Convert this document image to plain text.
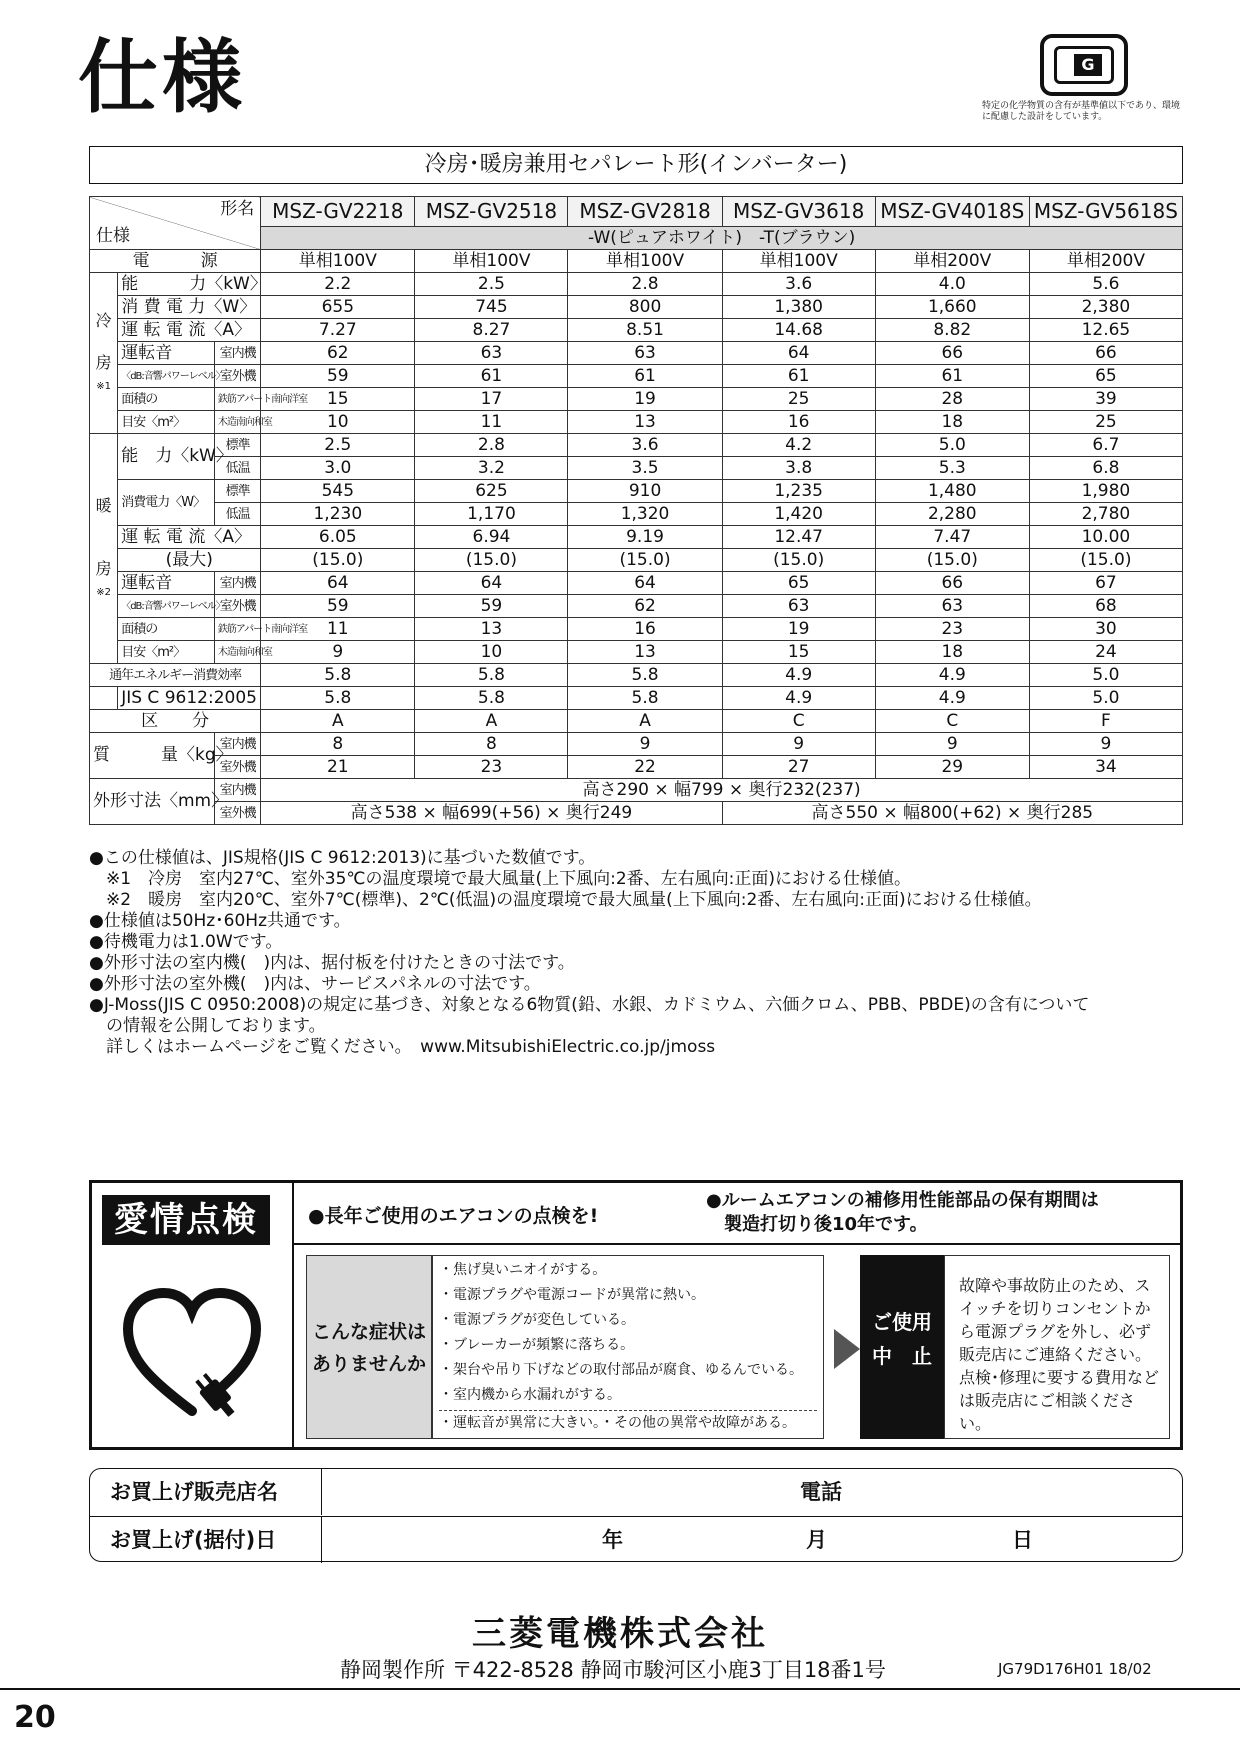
仕様	G
特定の化学物質の含有が基準値以下であり、環境に配慮した設計をしています。
冷房･暖房兼用セパレート形(インバーター)
形名
仕様			MSZ-GV2218	MSZ-GV2518	MSZ-GV2818	MSZ-GV3618	MSZ-GV4018S	MSZ-GV5618S
			-W(ピュアホワイト)　-T(ブラウン)					
電　　　源			単相100V	単相100V	単相100V	単相100V	単相200V	単相200V
冷

房
※1	能　　　力〈kW〉		2.2	2.5	2.8	3.6	4.0	5.6
	消 費 電 力〈W〉		655	745	800	1,380	1,660	2,380
	運 転 電 流〈A〉		7.27	8.27	8.51	14.68	8.82	12.65
	運転音	室内機	62	63	63	64	66	66
	〈dB:音響パワーレベル〉	室外機	59	61	61	61	61	65
	面積の	鉄筋アパート南向洋室	15	17	19	25	28	39
	目安〈m²〉	木造南向和室	10	11	13	16	18	25
暖

房
※2	能　力〈kW〉	標準	2.5	2.8	3.6	4.2	5.0	6.7
		低温	3.0	3.2	3.5	3.8	5.3	6.8
	消費電力〈W〉	標準	545	625	910	1,235	1,480	1,980
		低温	1,230	1,170	1,320	1,420	2,280	2,780
	運 転 電 流〈A〉		6.05	6.94	9.19	12.47	7.47	10.00
	(最大)		(15.0)	(15.0)	(15.0)	(15.0)	(15.0)	(15.0)
	運転音	室内機	64	64	64	65	66	67
	〈dB:音響パワーレベル〉	室外機	59	59	62	63	63	68
	面積の	鉄筋アパート南向洋室	11	13	16	19	23	30
	目安〈m²〉	木造南向和室	9	10	13	15	18	24
通年エネルギー消費効率			5.8	5.8	5.8	4.9	4.9	5.0
	JIS C 9612:2005		5.8	5.8	5.8	4.9	4.9	5.0
区　　分			A	A	A	C	C	F
質　　　量〈kg〉		室内機	8	8	9	9	9	9
		室外機	21	23	22	27	29	34
外形寸法〈mm〉		室内機	高さ290 × 幅799 × 奥行232(237)					
		室外機	高さ538 × 幅699(+56) × 奥行249			高さ550 × 幅800(+62) × 奥行285		
●この仕様値は、JIS規格(JIS C 9612:2013)に基づいた数値です。
　※1　冷房　室内27℃、室外35℃の温度環境で最大風量(上下風向:2番、左右風向:正面)における仕様値。
　※2　暖房　室内20℃、室外7℃(標準)、2℃(低温)の温度環境で最大風量(上下風向:2番、左右風向:正面)における仕様値。
●仕様値は50Hz･60Hz共通です。
●待機電力は1.0Wです。
●外形寸法の室内機(　)内は、据付板を付けたときの寸法です。
●外形寸法の室外機(　)内は、サービスパネルの寸法です。
●J-Moss(JIS C 0950:2008)の規定に基づき、対象となる6物質(鉛、水銀、カドミウム、六価クロム、PBB、PBDE)の含有について
　の情報を公開しております。
　詳しくはホームページをご覧ください。　www.MitsubishiElectric.co.jp/jmoss
愛情点検	●長年ご使用のエアコンの点検を!
●ルームエアコンの補修用性能部品の保有期間は
製造打切り後10年です。
こんな症状は
ありませんか
・焦げ臭いニオイがする。
・電源プラグや電源コードが異常に熱い。
・電源プラグが変色している。
・ブレーカーが頻繁に落ちる。
・架台や吊り下げなどの取付部品が腐食、ゆるんでいる。
・室内機から水漏れがする。
・運転音が異常に大きい。・その他の異常や故障がある。
ご使用
中　止
故障や事故防止のため、スイッチを切りコンセントから電源プラグを外し、必ず販売店にご連絡ください。点検･修理に要する費用などは販売店にご相談ください。
お買上げ販売店名	電話
お買上げ(据付)日	年	月	日
三菱電機株式会社
静岡製作所 〒422-8528 静岡市駿河区小鹿3丁目18番1号	JG79D176H01 18/02
20
